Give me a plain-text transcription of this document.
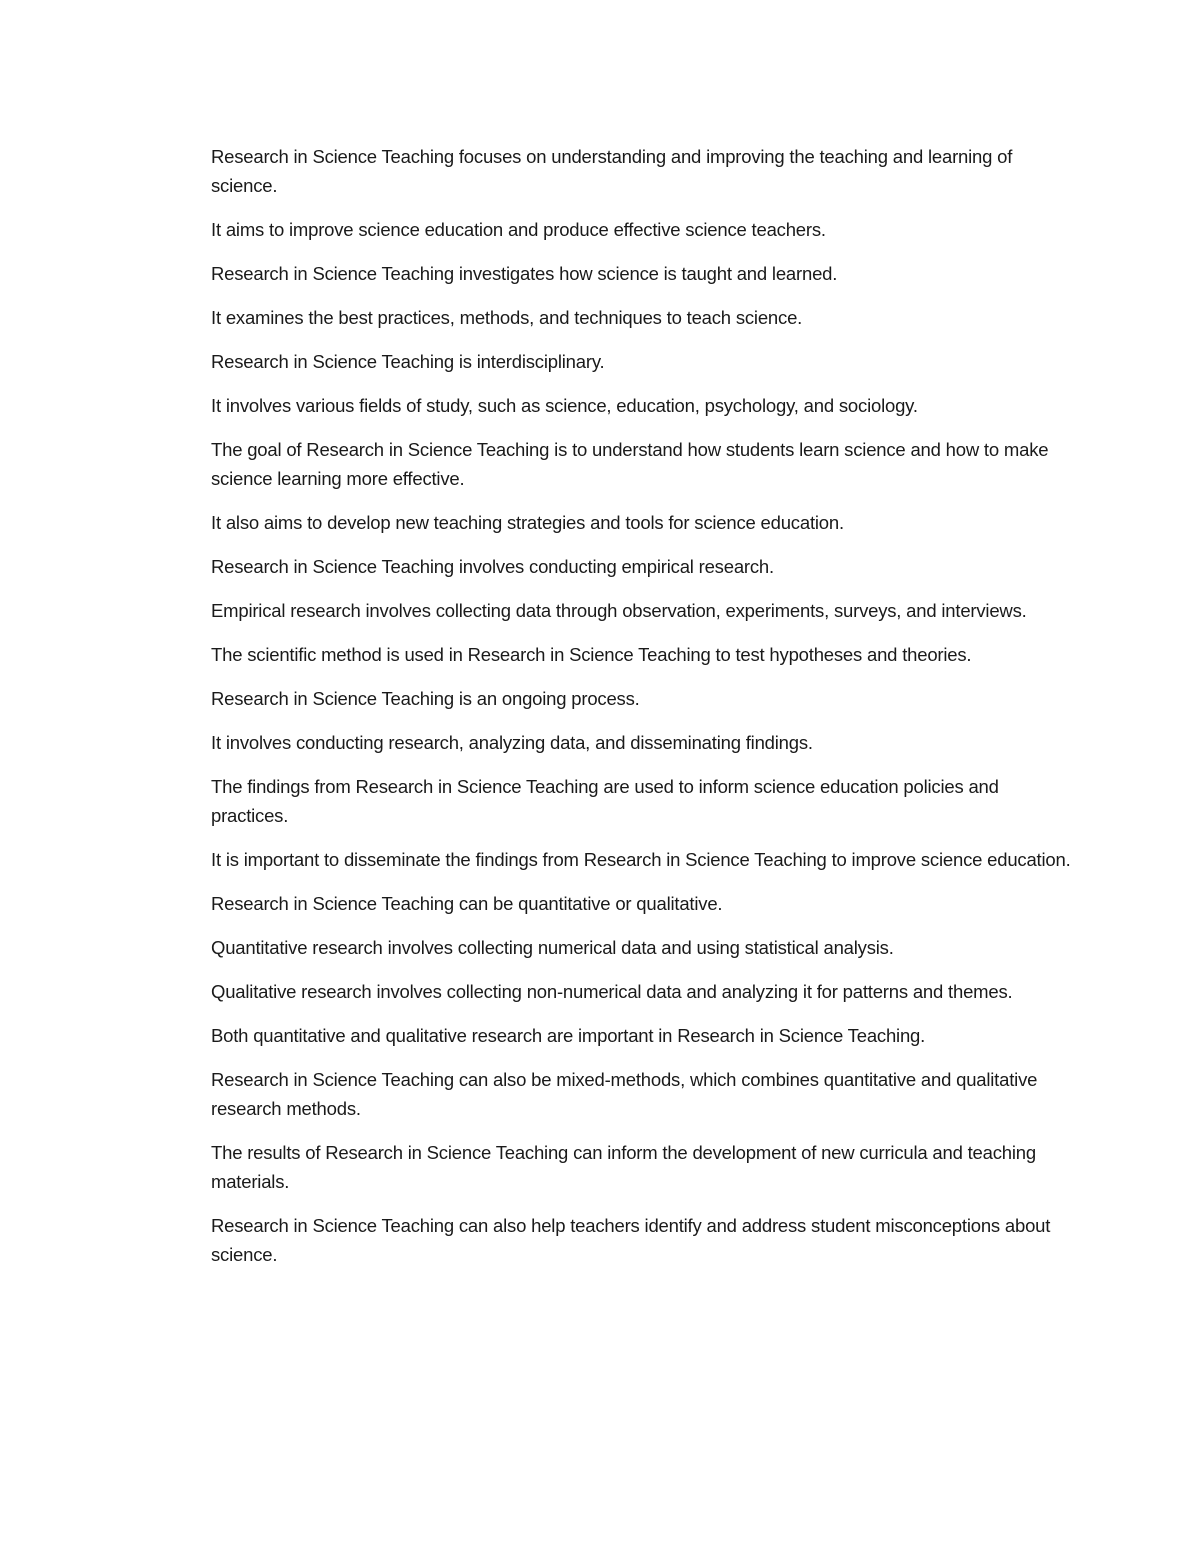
Research in Science Teaching focuses on understanding and improving the teaching and learning of science.

It aims to improve science education and produce effective science teachers.

Research in Science Teaching investigates how science is taught and learned.

It examines the best practices, methods, and techniques to teach science.

Research in Science Teaching is interdisciplinary.

It involves various fields of study, such as science, education, psychology, and sociology.

The goal of Research in Science Teaching is to understand how students learn science and how to make science learning more effective.

It also aims to develop new teaching strategies and tools for science education.

Research in Science Teaching involves conducting empirical research.

Empirical research involves collecting data through observation, experiments, surveys, and interviews.

The scientific method is used in Research in Science Teaching to test hypotheses and theories.

Research in Science Teaching is an ongoing process.

It involves conducting research, analyzing data, and disseminating findings.

The findings from Research in Science Teaching are used to inform science education policies and practices.

It is important to disseminate the findings from Research in Science Teaching to improve science education.

Research in Science Teaching can be quantitative or qualitative.

Quantitative research involves collecting numerical data and using statistical analysis.

Qualitative research involves collecting non-numerical data and analyzing it for patterns and themes.

Both quantitative and qualitative research are important in Research in Science Teaching.

Research in Science Teaching can also be mixed-methods, which combines quantitative and qualitative research methods.

The results of Research in Science Teaching can inform the development of new curricula and teaching materials.

Research in Science Teaching can also help teachers identify and address student misconceptions about science.
